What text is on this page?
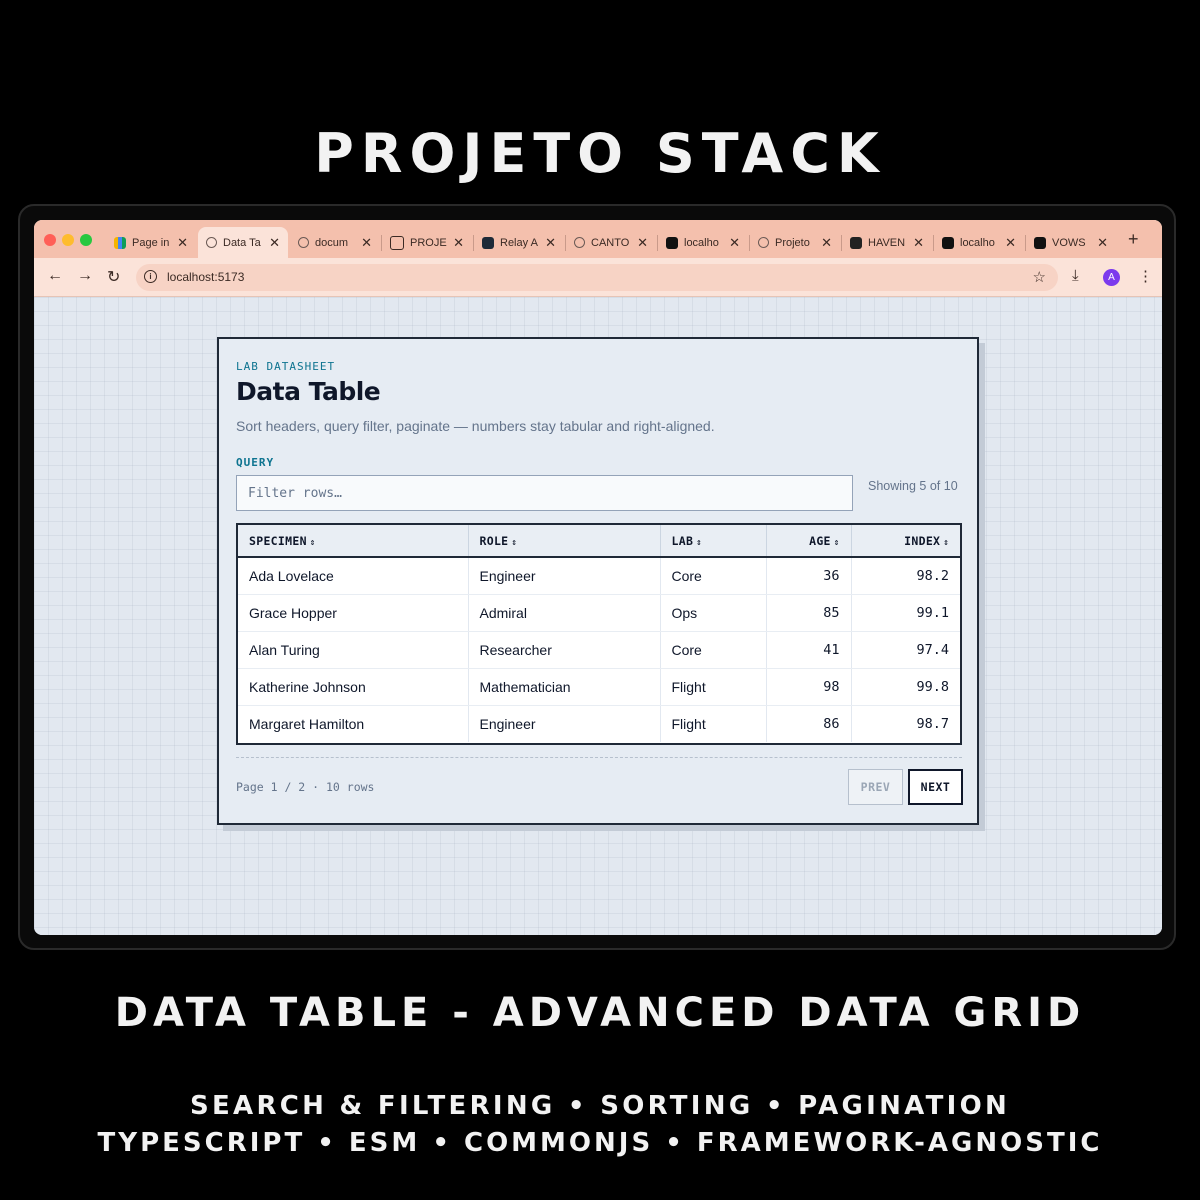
PROJETO STACK
Page in ✕	Data Ta ✕	docum	✕	PROJE ✕	Relay A ✕	CANTO ✕	localho ✕	Projeto ✕	HAVEN ✕	localho ✕	VOWS ✕ +
← → ↻	i	localhost:5173	☆ ⤓	A	⋮
LAB DATASHEET
Data Table
Sort headers, query filter, paginate — numbers stay tabular and right-aligned.
QUERY
Filter rows…
Showing 5 of 10
SPECIMEN ⇕	ROLE ⇕	LAB ⇕	AGE ⇕	INDEX ⇕
Ada Lovelace	Engineer	Core	36	98.2
Grace Hopper	Admiral	Ops	85	99.1
Alan Turing	Researcher	Core	41	97.4
Katherine Johnson	Mathematician	Flight	98	99.8
Margaret Hamilton	Engineer	Flight	86	98.7
Page 1 / 2 · 10 rows	PREV	NEXT
DATA TABLE - ADVANCED DATA GRID
SEARCH & FILTERING • SORTING • PAGINATION
TYPESCRIPT • ESM • COMMONJS • FRAMEWORK-AGNOSTIC
